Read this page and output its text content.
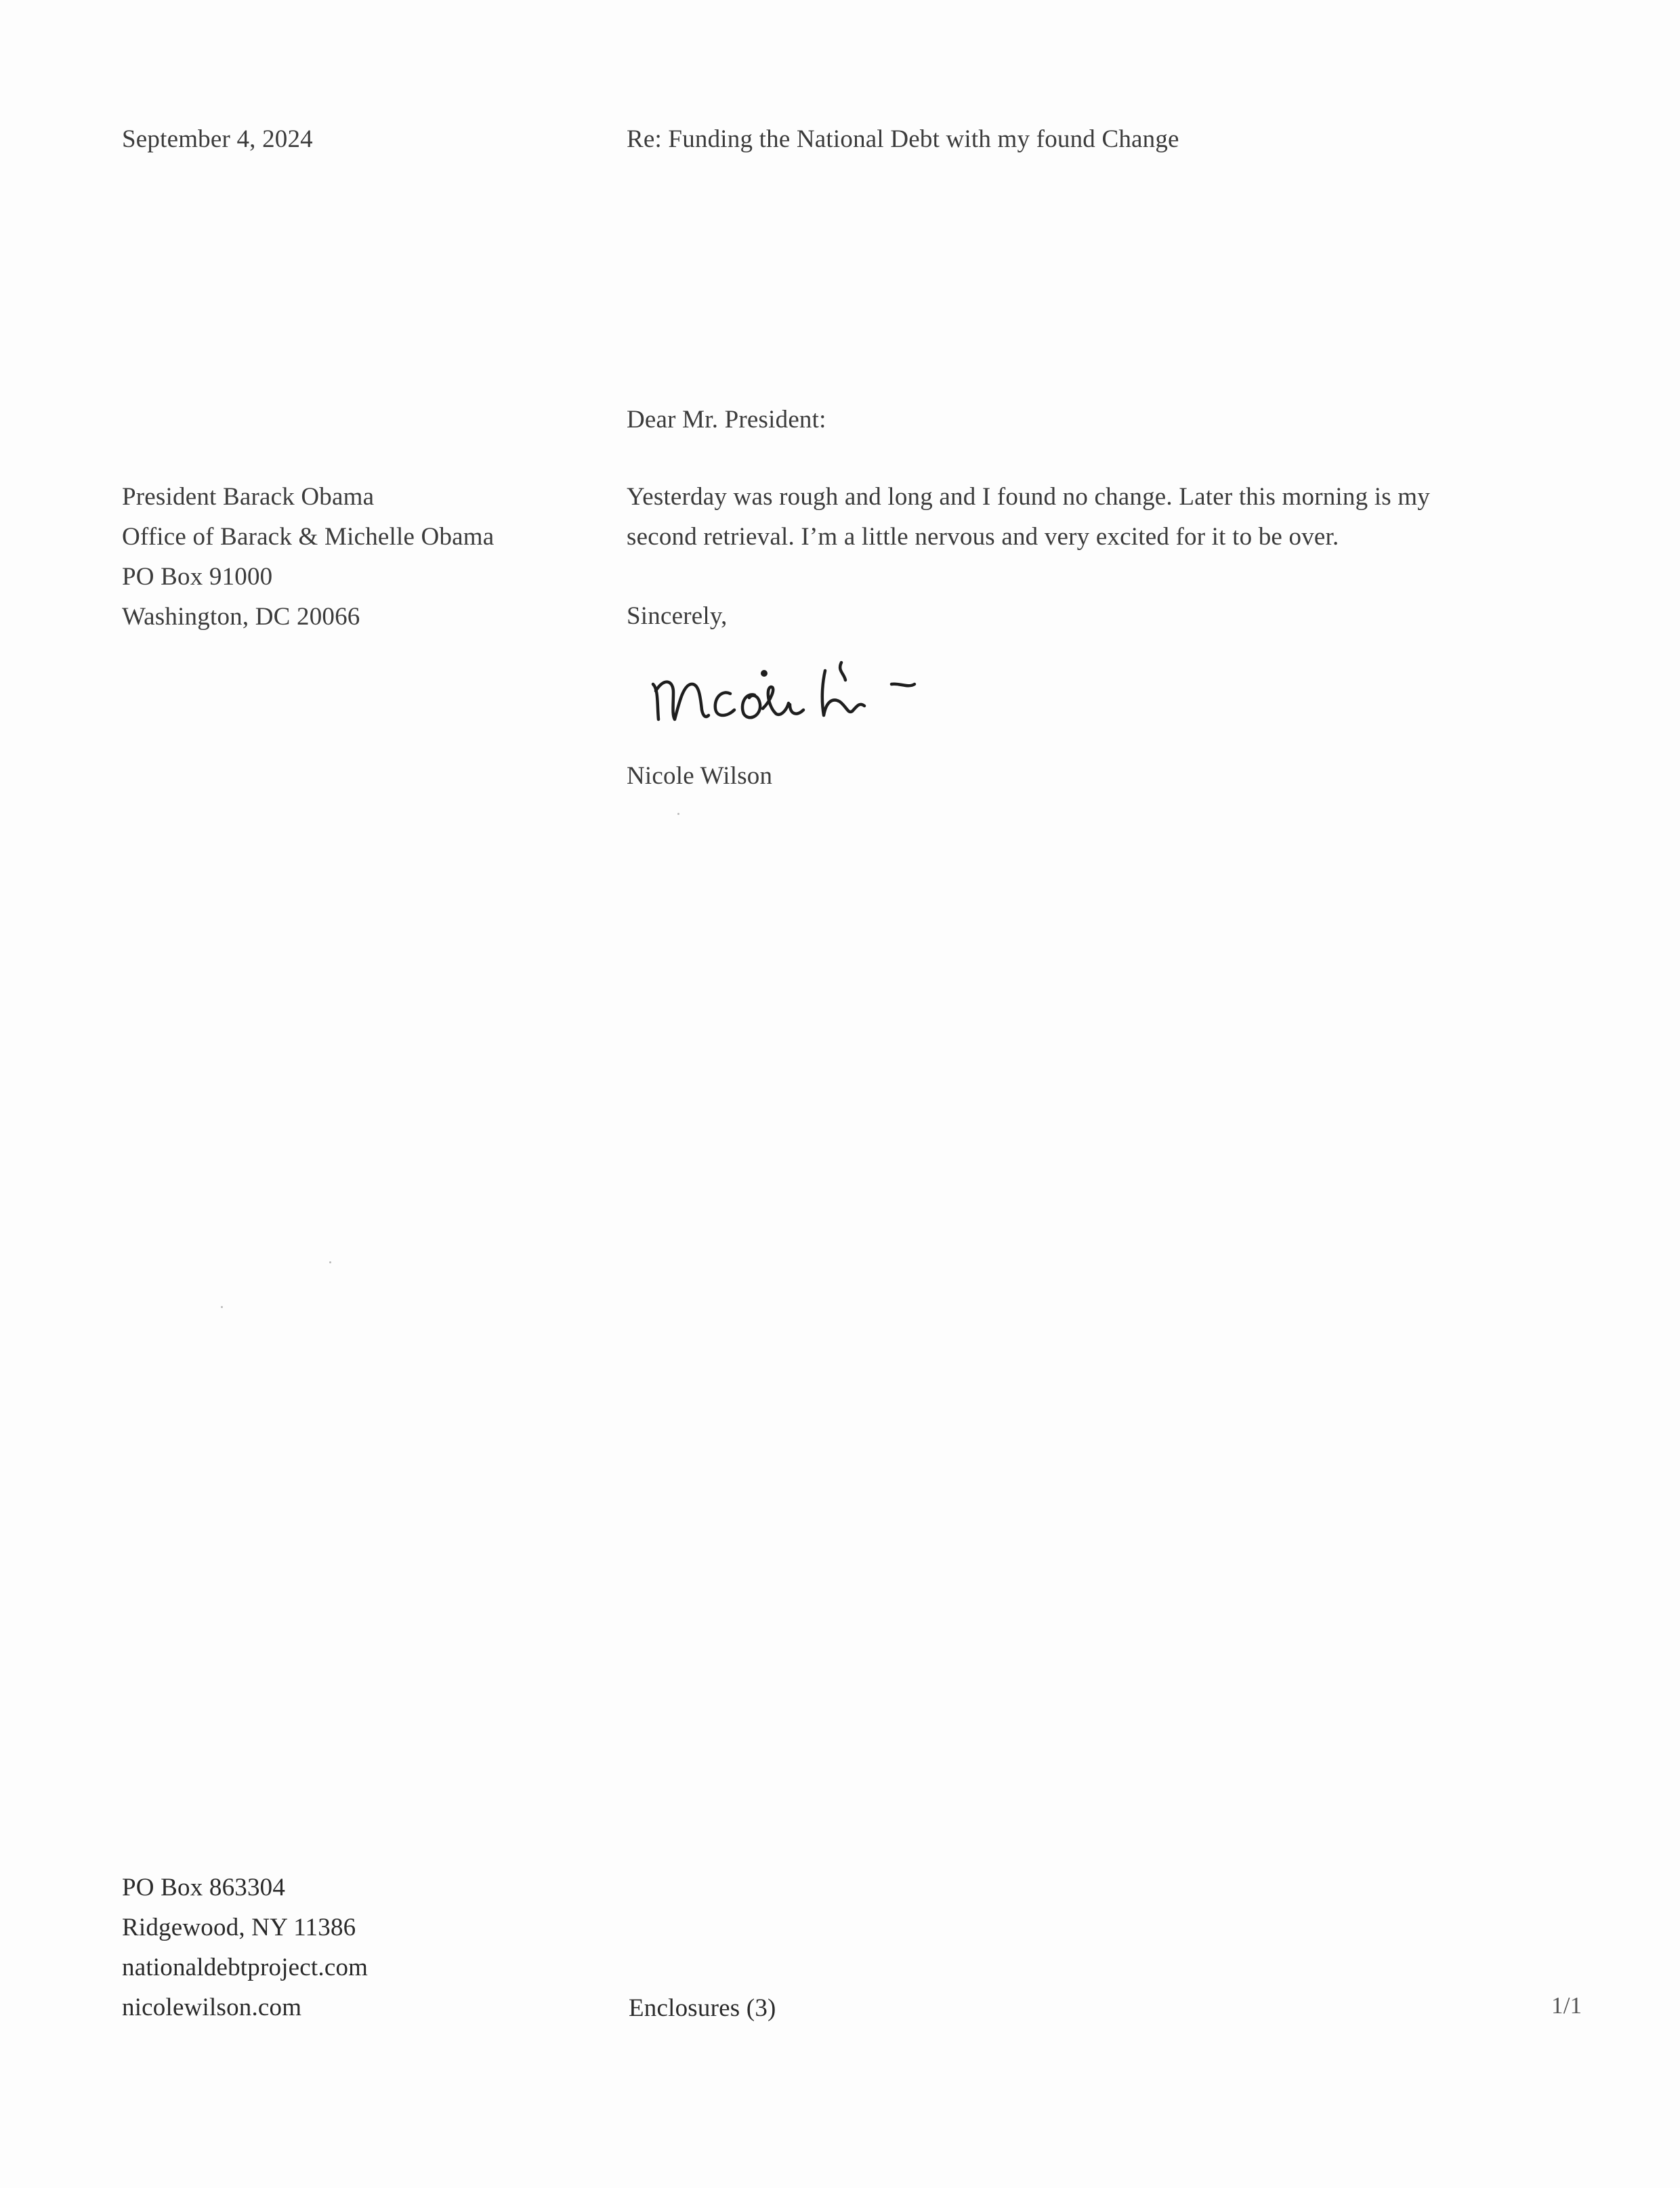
September 4, 2024	Re: Funding the National Debt with my found Change
Dear Mr. President:
President Barack Obama
Office of Barack & Michelle Obama
PO Box 91000
Washington, DC 20066
Yesterday was rough and long and I found no change. Later this morning is my
second retrieval. I’m a little nervous and very excited for it to be over.
Sincerely,
Nicole Wilson
PO Box 863304
Ridgewood, NY 11386
nationaldebtproject.com
nicolewilson.com	Enclosures (3)	1/1
